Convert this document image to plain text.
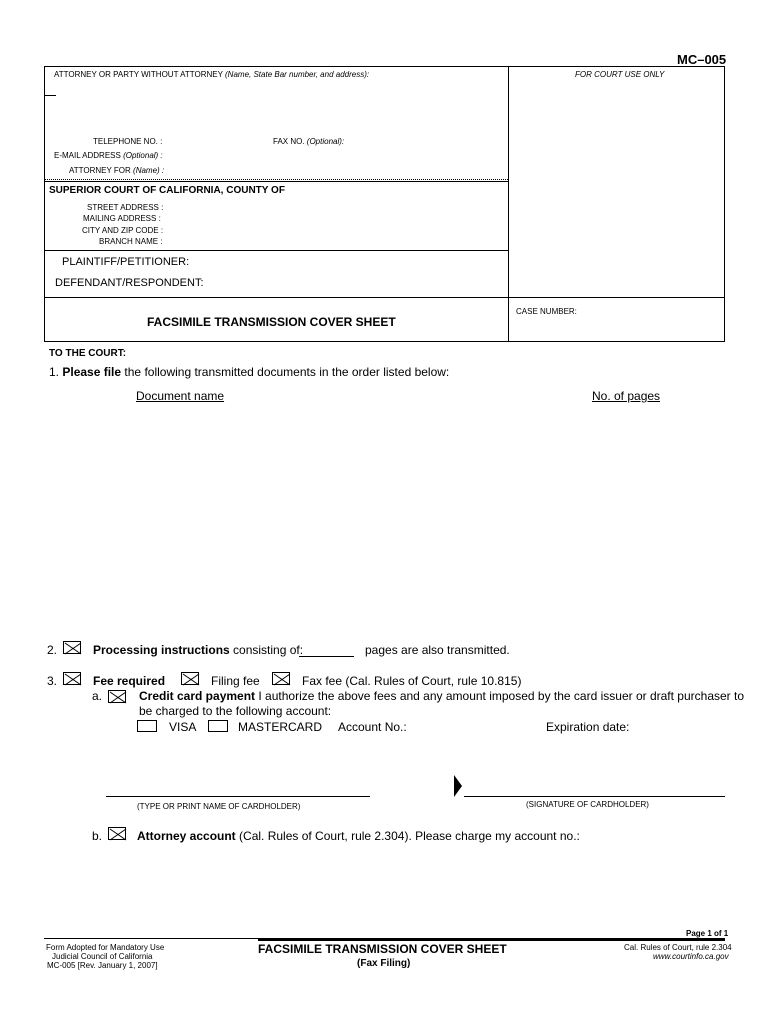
MC–005
ATTORNEY OR PARTY WITHOUT ATTORNEY (Name, State Bar number, and address):	FOR COURT USE ONLY
TELEPHONE NO. :	FAX NO. (Optional):
E-MAIL ADDRESS (Optional) :
ATTORNEY FOR (Name) :
SUPERIOR COURT OF CALIFORNIA, COUNTY OF
STREET ADDRESS :
MAILING ADDRESS :
CITY AND ZIP CODE :
BRANCH NAME :
PLAINTIFF/PETITIONER:
DEFENDANT/RESPONDENT:
FACSIMILE TRANSMISSION COVER SHEET
CASE NUMBER:
TO THE COURT:
1. Please file the following transmitted documents in the order listed below:
Document name	No. of pages
2.	Processing instructions consisting of:	pages are also transmitted.
3.	Fee required	Filing fee	Fax fee (Cal. Rules of Court, rule 10.815)
a.	Credit card payment I authorize the above fees and any amount imposed by the card issuer or draft purchaser to
be charged to the following account:
VISA	MASTERCARD Account No.:	Expiration date:
(TYPE OR PRINT NAME OF CARDHOLDER)	(SIGNATURE OF CARDHOLDER)
b.	Attorney account (Cal. Rules of Court, rule 2.304). Please charge my account no.:
Page 1 of 1
Form Adopted for Mandatory Use
Judicial Council of California
MC-005 [Rev. January 1, 2007]
FACSIMILE TRANSMISSION COVER SHEET
(Fax Filing)
Cal. Rules of Court, rule 2.304
www.courtinfo.ca.gov
